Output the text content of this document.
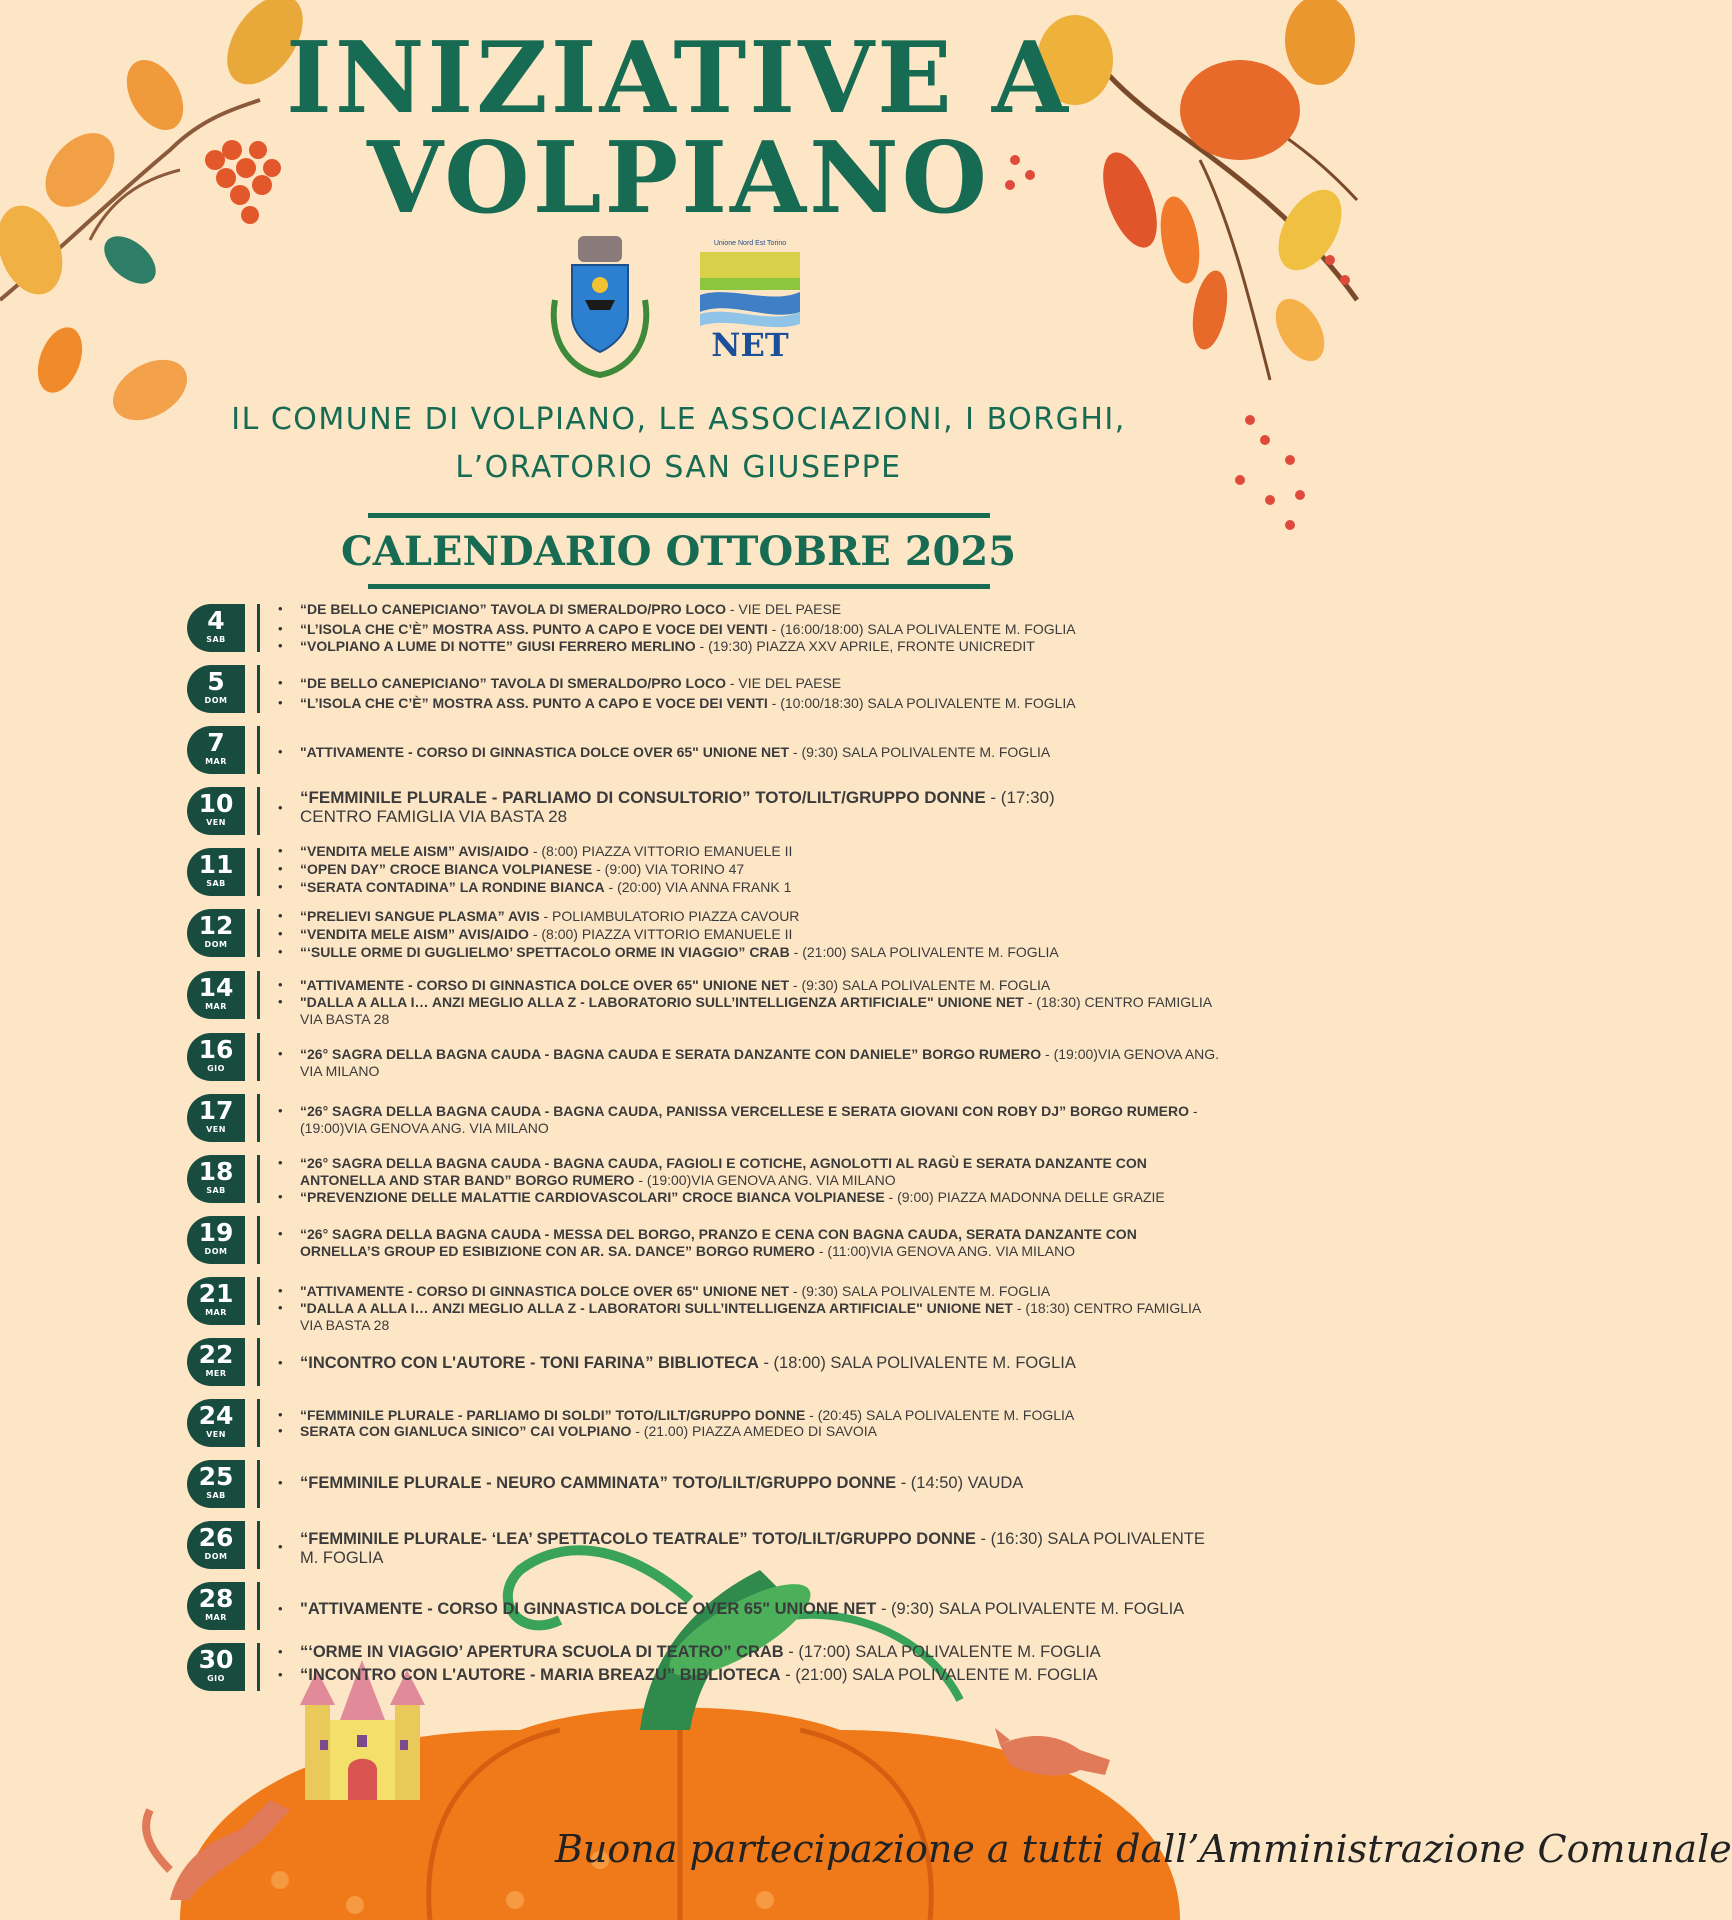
INIZIATIVE A
VOLPIANO
Unione Nord Est Torino
NET
IL COMUNE DI VOLPIANO, LE ASSOCIAZIONI, I BORGHI,
L’ORATORIO SAN GIUSEPPE
CALENDARIO OTTOBRE 2025
4
SAB
• “DE BELLO CANEPICIANO” TAVOLA DI SMERALDO/PRO LOCO - VIE DEL PAESE
• “L’ISOLA CHE C’È” MOSTRA ASS. PUNTO A CAPO E VOCE DEI VENTI - (16:00/18:00) SALA POLIVALENTE M. FOGLIA
• “VOLPIANO A LUME DI NOTTE” GIUSI FERRERO MERLINO - (19:30) PIAZZA XXV APRILE, FRONTE UNICREDIT
5
DOM
• “DE BELLO CANEPICIANO” TAVOLA DI SMERALDO/PRO LOCO - VIE DEL PAESE
• “L’ISOLA CHE C’È” MOSTRA ASS. PUNTO A CAPO E VOCE DEI VENTI - (10:00/18:30) SALA POLIVALENTE M. FOGLIA
7
MAR
• "ATTIVAMENTE - CORSO DI GINNASTICA DOLCE OVER 65" UNIONE NET - (9:30) SALA POLIVALENTE M. FOGLIA
10
VEN
•
“FEMMINILE PLURALE - PARLIAMO DI CONSULTORIO” TOTO/LILT/GRUPPO DONNE - (17:30) CENTRO FAMIGLIA VIA BASTA 28
11
SAB
• “VENDITA MELE AISM” AVIS/AIDO - (8:00) PIAZZA VITTORIO EMANUELE II
• “OPEN DAY” CROCE BIANCA VOLPIANESE - (9:00) VIA TORINO 47
• “SERATA CONTADINA” LA RONDINE BIANCA - (20:00) VIA ANNA FRANK 1
12
DOM
• “PRELIEVI SANGUE PLASMA” AVIS - POLIAMBULATORIO PIAZZA CAVOUR
• “VENDITA MELE AISM” AVIS/AIDO - (8:00) PIAZZA VITTORIO EMANUELE II
• “‘SULLE ORME DI GUGLIELMO’ SPETTACOLO ORME IN VIAGGIO” CRAB - (21:00) SALA POLIVALENTE M. FOGLIA
14
MAR
• "ATTIVAMENTE - CORSO DI GINNASTICA DOLCE OVER 65" UNIONE NET - (9:30) SALA POLIVALENTE M. FOGLIA
• "DALLA A ALLA I… ANZI MEGLIO ALLA Z - LABORATORIO SULL’INTELLIGENZA ARTIFICIALE" UNIONE NET - (18:30) CENTRO FAMIGLIA VIA BASTA 28
16
GIO
• “26° SAGRA DELLA BAGNA CAUDA - BAGNA CAUDA E SERATA DANZANTE CON DANIELE” BORGO RUMERO - (19:00)VIA GENOVA ANG. VIA MILANO
17
VEN
• “26° SAGRA DELLA BAGNA CAUDA - BAGNA CAUDA, PANISSA VERCELLESE E SERATA GIOVANI CON ROBY DJ” BORGO RUMERO - (19:00)VIA GENOVA ANG. VIA MILANO
18
SAB
• “26° SAGRA DELLA BAGNA CAUDA - BAGNA CAUDA, FAGIOLI E COTICHE, AGNOLOTTI AL RAGÙ E SERATA DANZANTE CON ANTONELLA AND STAR BAND” BORGO RUMERO - (19:00)VIA GENOVA ANG. VIA MILANO
• “PREVENZIONE DELLE MALATTIE CARDIOVASCOLARI” CROCE BIANCA VOLPIANESE - (9:00) PIAZZA MADONNA DELLE GRAZIE
19
DOM
• “26° SAGRA DELLA BAGNA CAUDA - MESSA DEL BORGO, PRANZO E CENA CON BAGNA CAUDA, SERATA DANZANTE CON ORNELLA’S GROUP ED ESIBIZIONE CON AR. SA. DANCE” BORGO RUMERO - (11:00)VIA GENOVA ANG. VIA MILANO
21
MAR
• "ATTIVAMENTE - CORSO DI GINNASTICA DOLCE OVER 65" UNIONE NET - (9:30) SALA POLIVALENTE M. FOGLIA
• "DALLA A ALLA I… ANZI MEGLIO ALLA Z - LABORATORI SULL’INTELLIGENZA ARTIFICIALE" UNIONE NET - (18:30) CENTRO FAMIGLIA VIA BASTA 28
22
MER
• “INCONTRO CON L'AUTORE - TONI FARINA” BIBLIOTECA - (18:00) SALA POLIVALENTE M. FOGLIA
24
VEN
• “FEMMINILE PLURALE - PARLIAMO DI SOLDI” TOTO/LILT/GRUPPO DONNE - (20:45) SALA POLIVALENTE M. FOGLIA
• SERATA CON GIANLUCA SINICO” CAI VOLPIANO - (21.00) PIAZZA AMEDEO DI SAVOIA
25
SAB
• “FEMMINILE PLURALE - NEURO CAMMINATA” TOTO/LILT/GRUPPO DONNE - (14:50) VAUDA
26
DOM
• “FEMMINILE PLURALE- ‘LEA’ SPETTACOLO TEATRALE” TOTO/LILT/GRUPPO DONNE - (16:30) SALA POLIVALENTE M. FOGLIA
28
MAR
• "ATTIVAMENTE - CORSO DI GINNASTICA DOLCE OVER 65" UNIONE NET - (9:30) SALA POLIVALENTE M. FOGLIA
30
GIO
• “‘ORME IN VIAGGIO’ APERTURA SCUOLA DI TEATRO” CRAB - (17:00) SALA POLIVALENTE M. FOGLIA
• “INCONTRO CON L'AUTORE - MARIA BREAZU” BIBLIOTECA - (21:00) SALA POLIVALENTE M. FOGLIA
Buona partecipazione a tutti dall’Amministrazione Comunale
